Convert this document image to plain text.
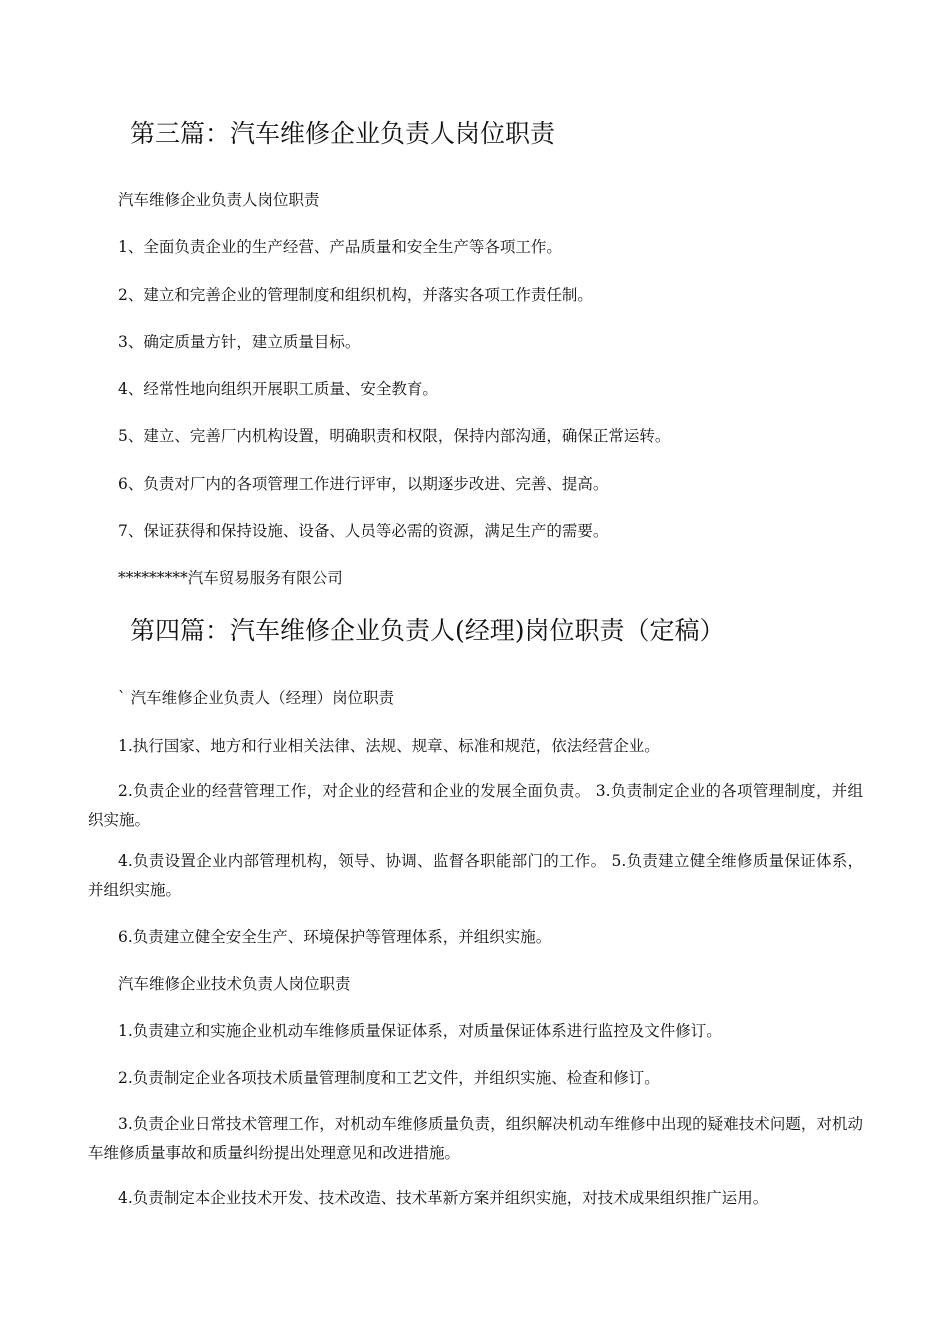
第三篇：汽车维修企业负责人岗位职责

汽车维修企业负责人岗位职责

1、全面负责企业的生产经营、产品质量和安全生产等各项工作。

2、建立和完善企业的管理制度和组织机构，并落实各项工作责任制。

3、确定质量方针，建立质量目标。

4、经常性地向组织开展职工质量、安全教育。

5、建立、完善厂内机构设置，明确职责和权限，保持内部沟通，确保正常运转。

6、负责对厂内的各项管理工作进行评审，以期逐步改进、完善、提高。

7、保证获得和保持设施、设备、人员等必需的资源，满足生产的需要。

*********汽车贸易服务有限公司

第四篇：汽车维修企业负责人(经理)岗位职责（定稿）

` 汽车维修企业负责人（经理）岗位职责

1.执行国家、地方和行业相关法律、法规、规章、标准和规范，依法经营企业。

2.负责企业的经营管理工作，对企业的经营和企业的发展全面负责。 3.负责制定企业的各项管理制度，并组织实施。

4.负责设置企业内部管理机构，领导、协调、监督各职能部门的工作。 5.负责建立健全维修质量保证体系，并组织实施。

6.负责建立健全安全生产、环境保护等管理体系，并组织实施。

汽车维修企业技术负责人岗位职责

1.负责建立和实施企业机动车维修质量保证体系，对质量保证体系进行监控及文件修订。

2.负责制定企业各项技术质量管理制度和工艺文件，并组织实施、检查和修订。

3.负责企业日常技术管理工作，对机动车维修质量负责，组织解决机动车维修中出现的疑难技术问题，对机动车维修质量事故和质量纠纷提出处理意见和改进措施。

4.负责制定本企业技术开发、技术改造、技术革新方案并组织实施，对技术成果组织推广运用。
